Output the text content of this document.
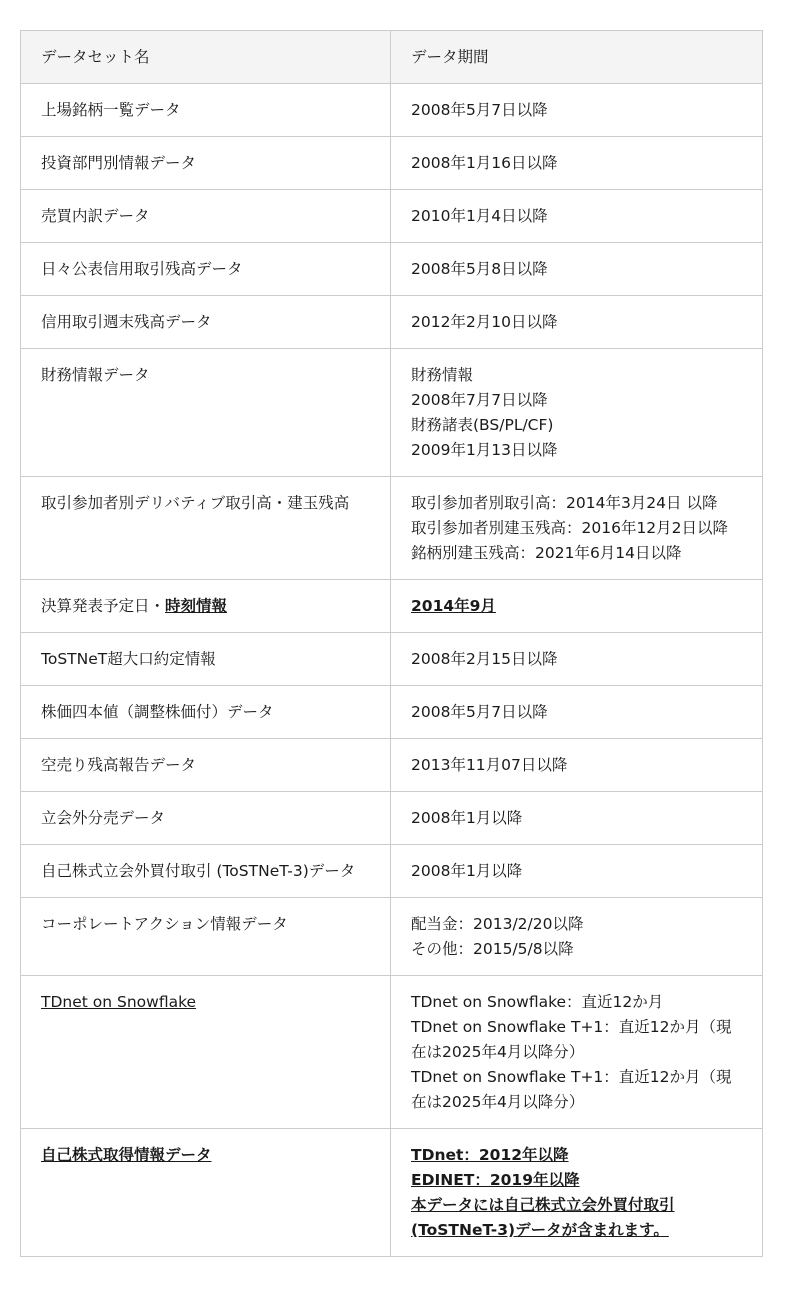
データセット名	データ期間
上場銘柄一覧データ	2008年5月7日以降

投資部門別情報データ	2008年1月16日以降

売買内訳データ	2010年1月4日以降

日々公表信用取引残高データ	2008年5月8日以降

信用取引週末残高データ	2012年2月10日以降

財務情報データ	財務情報
2008年7月7日以降
財務諸表(BS/PL/CF)
2009年1月13日以降

取引参加者別デリバティブ取引高・建玉残高	取引参加者別取引高：2014年3月24日 以降
取引参加者別建玉残高：2016年12月2日以降
銘柄別建玉残高：2021年6月14日以降

決算発表予定日・時刻情報	2014年9月

ToSTNeT超大口約定情報	2008年2月15日以降

株価四本値（調整株価付）データ	2008年5月7日以降

空売り残高報告データ	2013年11月07日以降

立会外分売データ	2008年1月以降

自己株式立会外買付取引 (ToSTNeT-3)データ	2008年1月以降

コーポレートアクション情報データ	配当金：2013/2/20以降
その他：2015/5/8以降

TDnet on Snowflake	TDnet on Snowflake：直近12か月
TDnet on Snowflake T+1：直近12か月（現在は2025年4月以降分）
TDnet on Snowflake T+1：直近12か月（現在は2025年4月以降分）

自己株式取得情報データ	TDnet：2012年以降
EDINET：2019年以降
本データには自己株式立会外買付取引 (ToSTNeT-3)データが含まれます。
